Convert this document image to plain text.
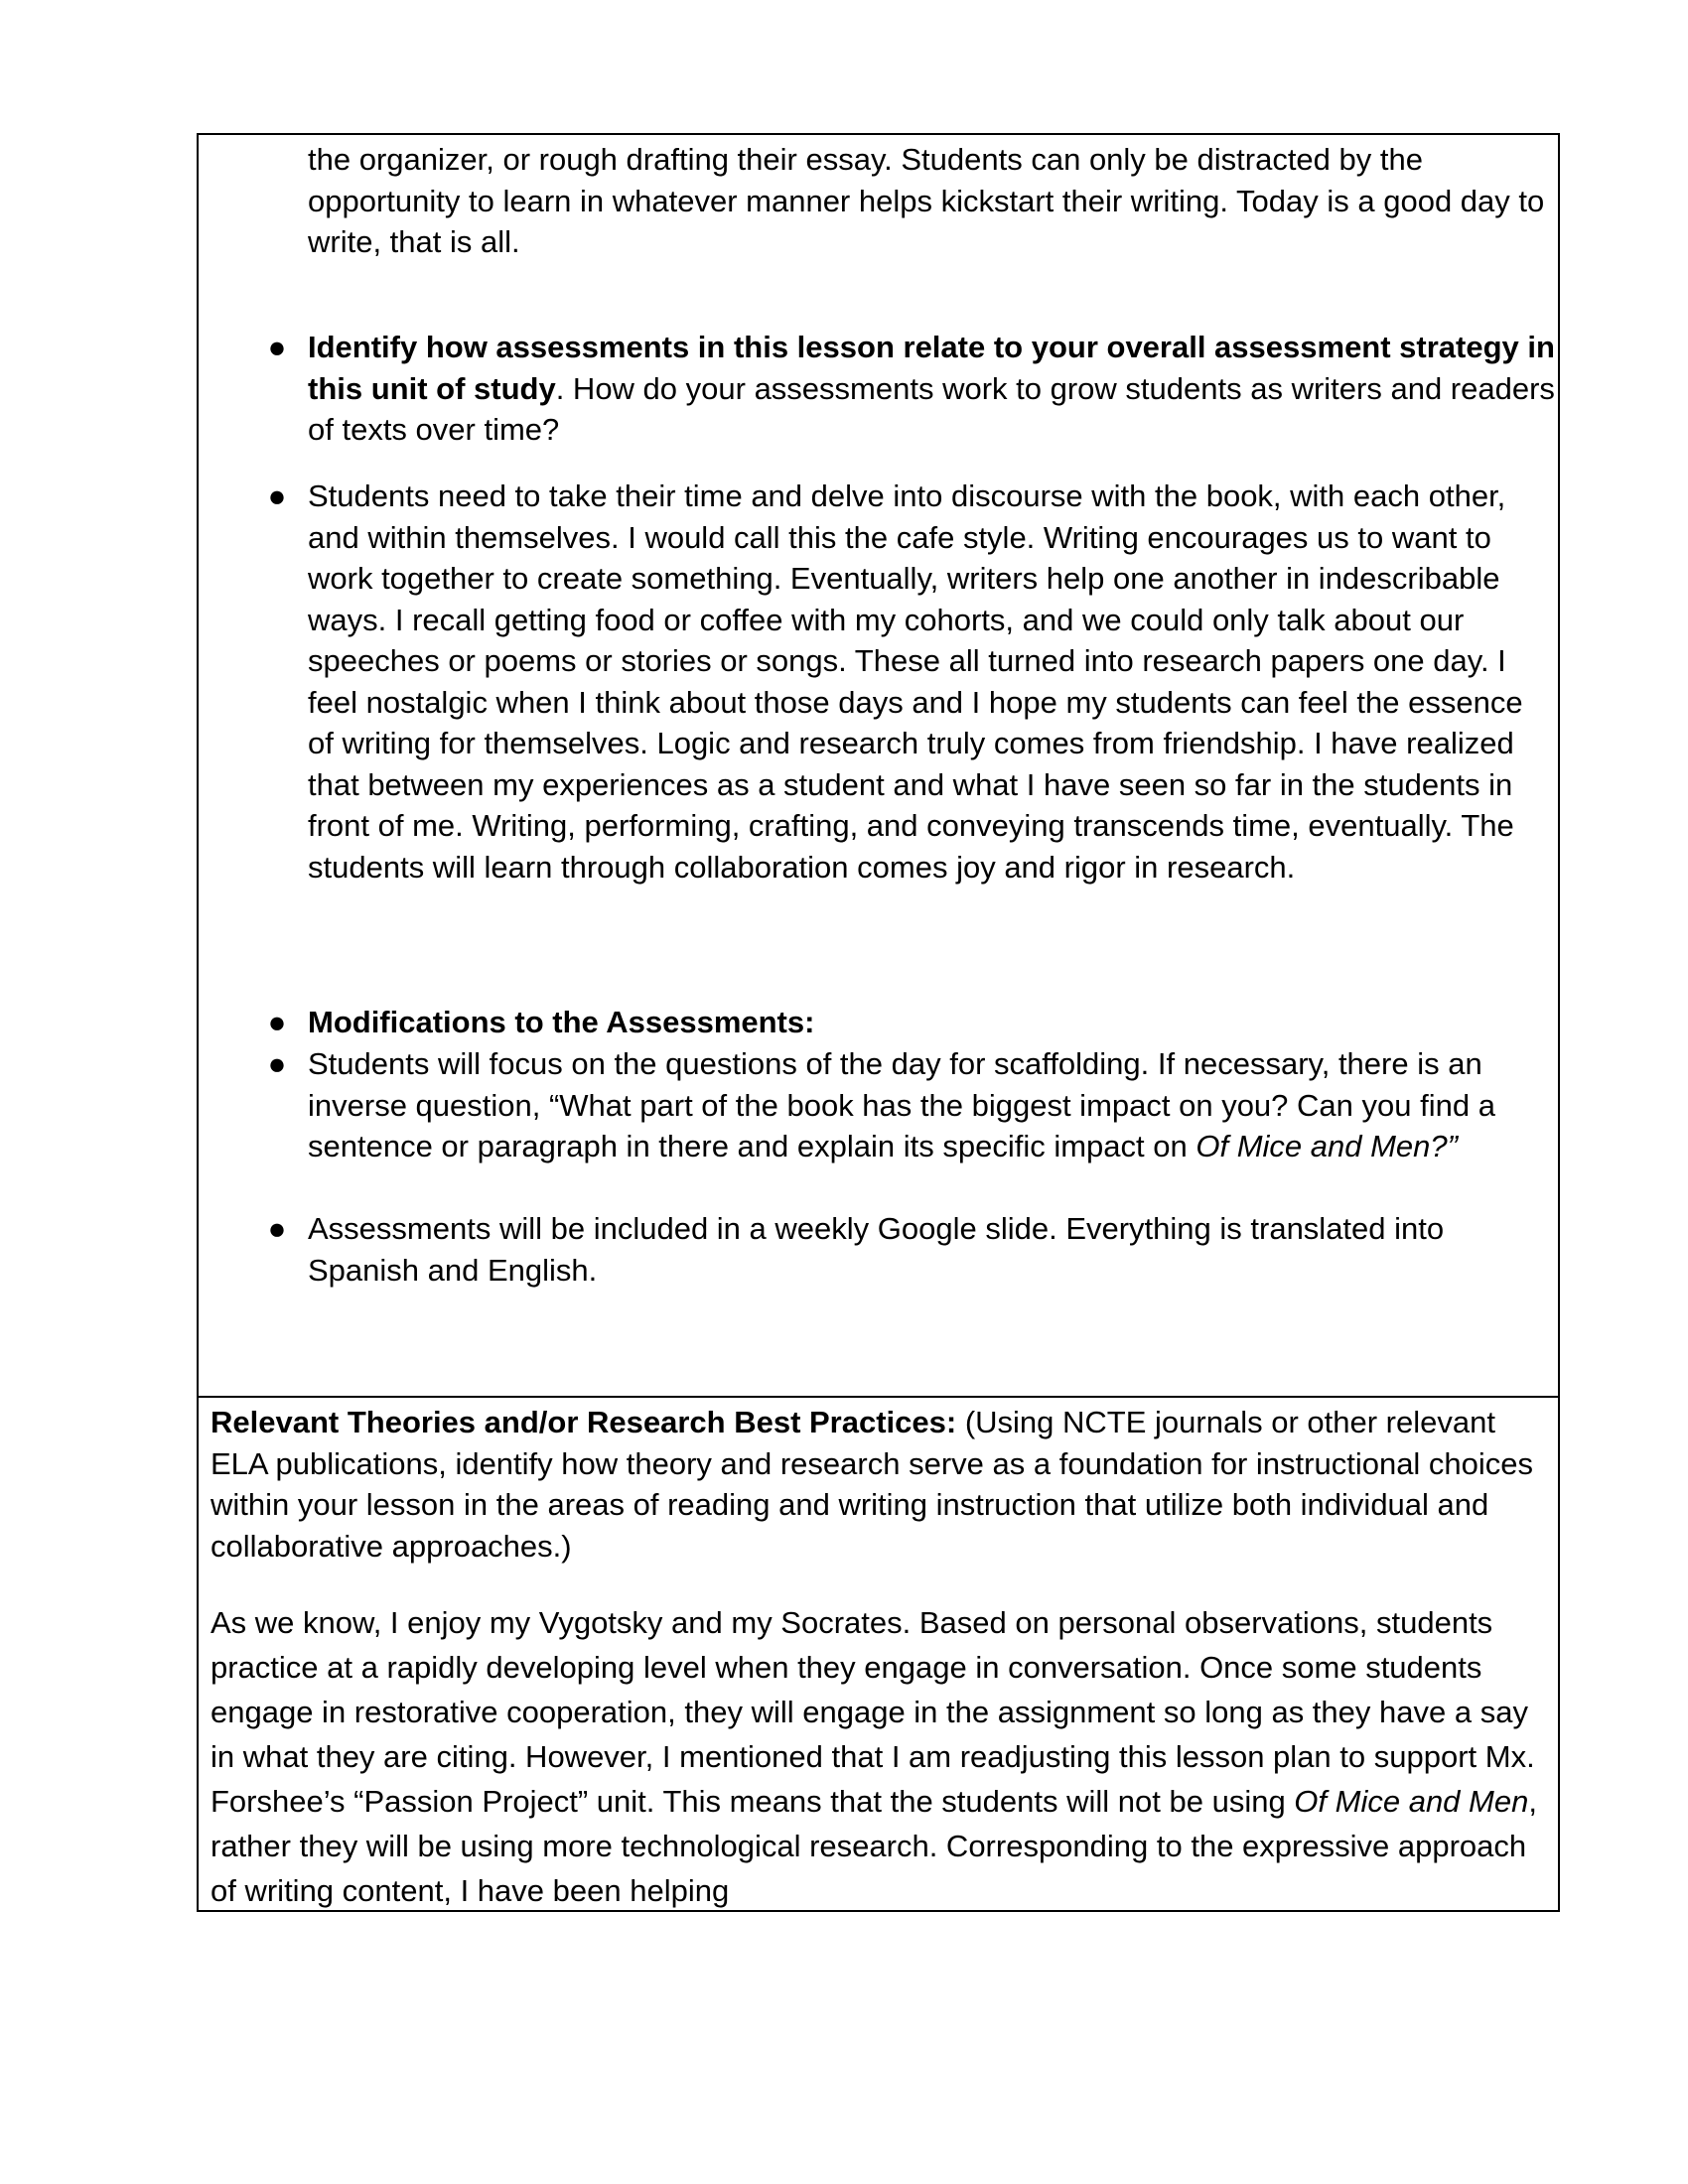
the organizer, or rough drafting their essay. Students can only be distracted by the opportunity to learn in whatever manner helps kickstart their writing. Today is a good day to write, that is all.
● Identify how assessments in this lesson relate to your overall assessment strategy in this unit of study. How do your assessments work to grow students as writers and readers of texts over time?
● Students need to take their time and delve into discourse with the book, with each other, and within themselves. I would call this the cafe style. Writing encourages us to want to work together to create something. Eventually, writers help one another in indescribable ways. I recall getting food or coffee with my cohorts, and we could only talk about our speeches or poems or stories or songs. These all turned into research papers one day. I feel nostalgic when I think about those days and I hope my students can feel the essence of writing for themselves. Logic and research truly comes from friendship. I have realized that between my experiences as a student and what I have seen so far in the students in front of me. Writing, performing, crafting, and conveying transcends time, eventually. The students will learn through collaboration comes joy and rigor in research.
● Modifications to the Assessments:
● Students will focus on the questions of the day for scaffolding. If necessary, there is an inverse question, “What part of the book has the biggest impact on you? Can you find a sentence or paragraph in there and explain its specific impact on Of Mice and Men?”
● Assessments will be included in a weekly Google slide. Everything is translated into Spanish and English.
Relevant Theories and/or Research Best Practices: (Using NCTE journals or other relevant ELA publications, identify how theory and research serve as a foundation for instructional choices within your lesson in the areas of reading and writing instruction that utilize both individual and collaborative approaches.)
As we know, I enjoy my Vygotsky and my Socrates. Based on personal observations, students practice at a rapidly developing level when they engage in conversation. Once some students engage in restorative cooperation, they will engage in the assignment so long as they have a say in what they are citing. However, I mentioned that I am readjusting this lesson plan to support Mx. Forshee’s “Passion Project” unit. This means that the students will not be using Of Mice and Men, rather they will be using more technological research. Corresponding to the expressive approach of writing content, I have been helping
